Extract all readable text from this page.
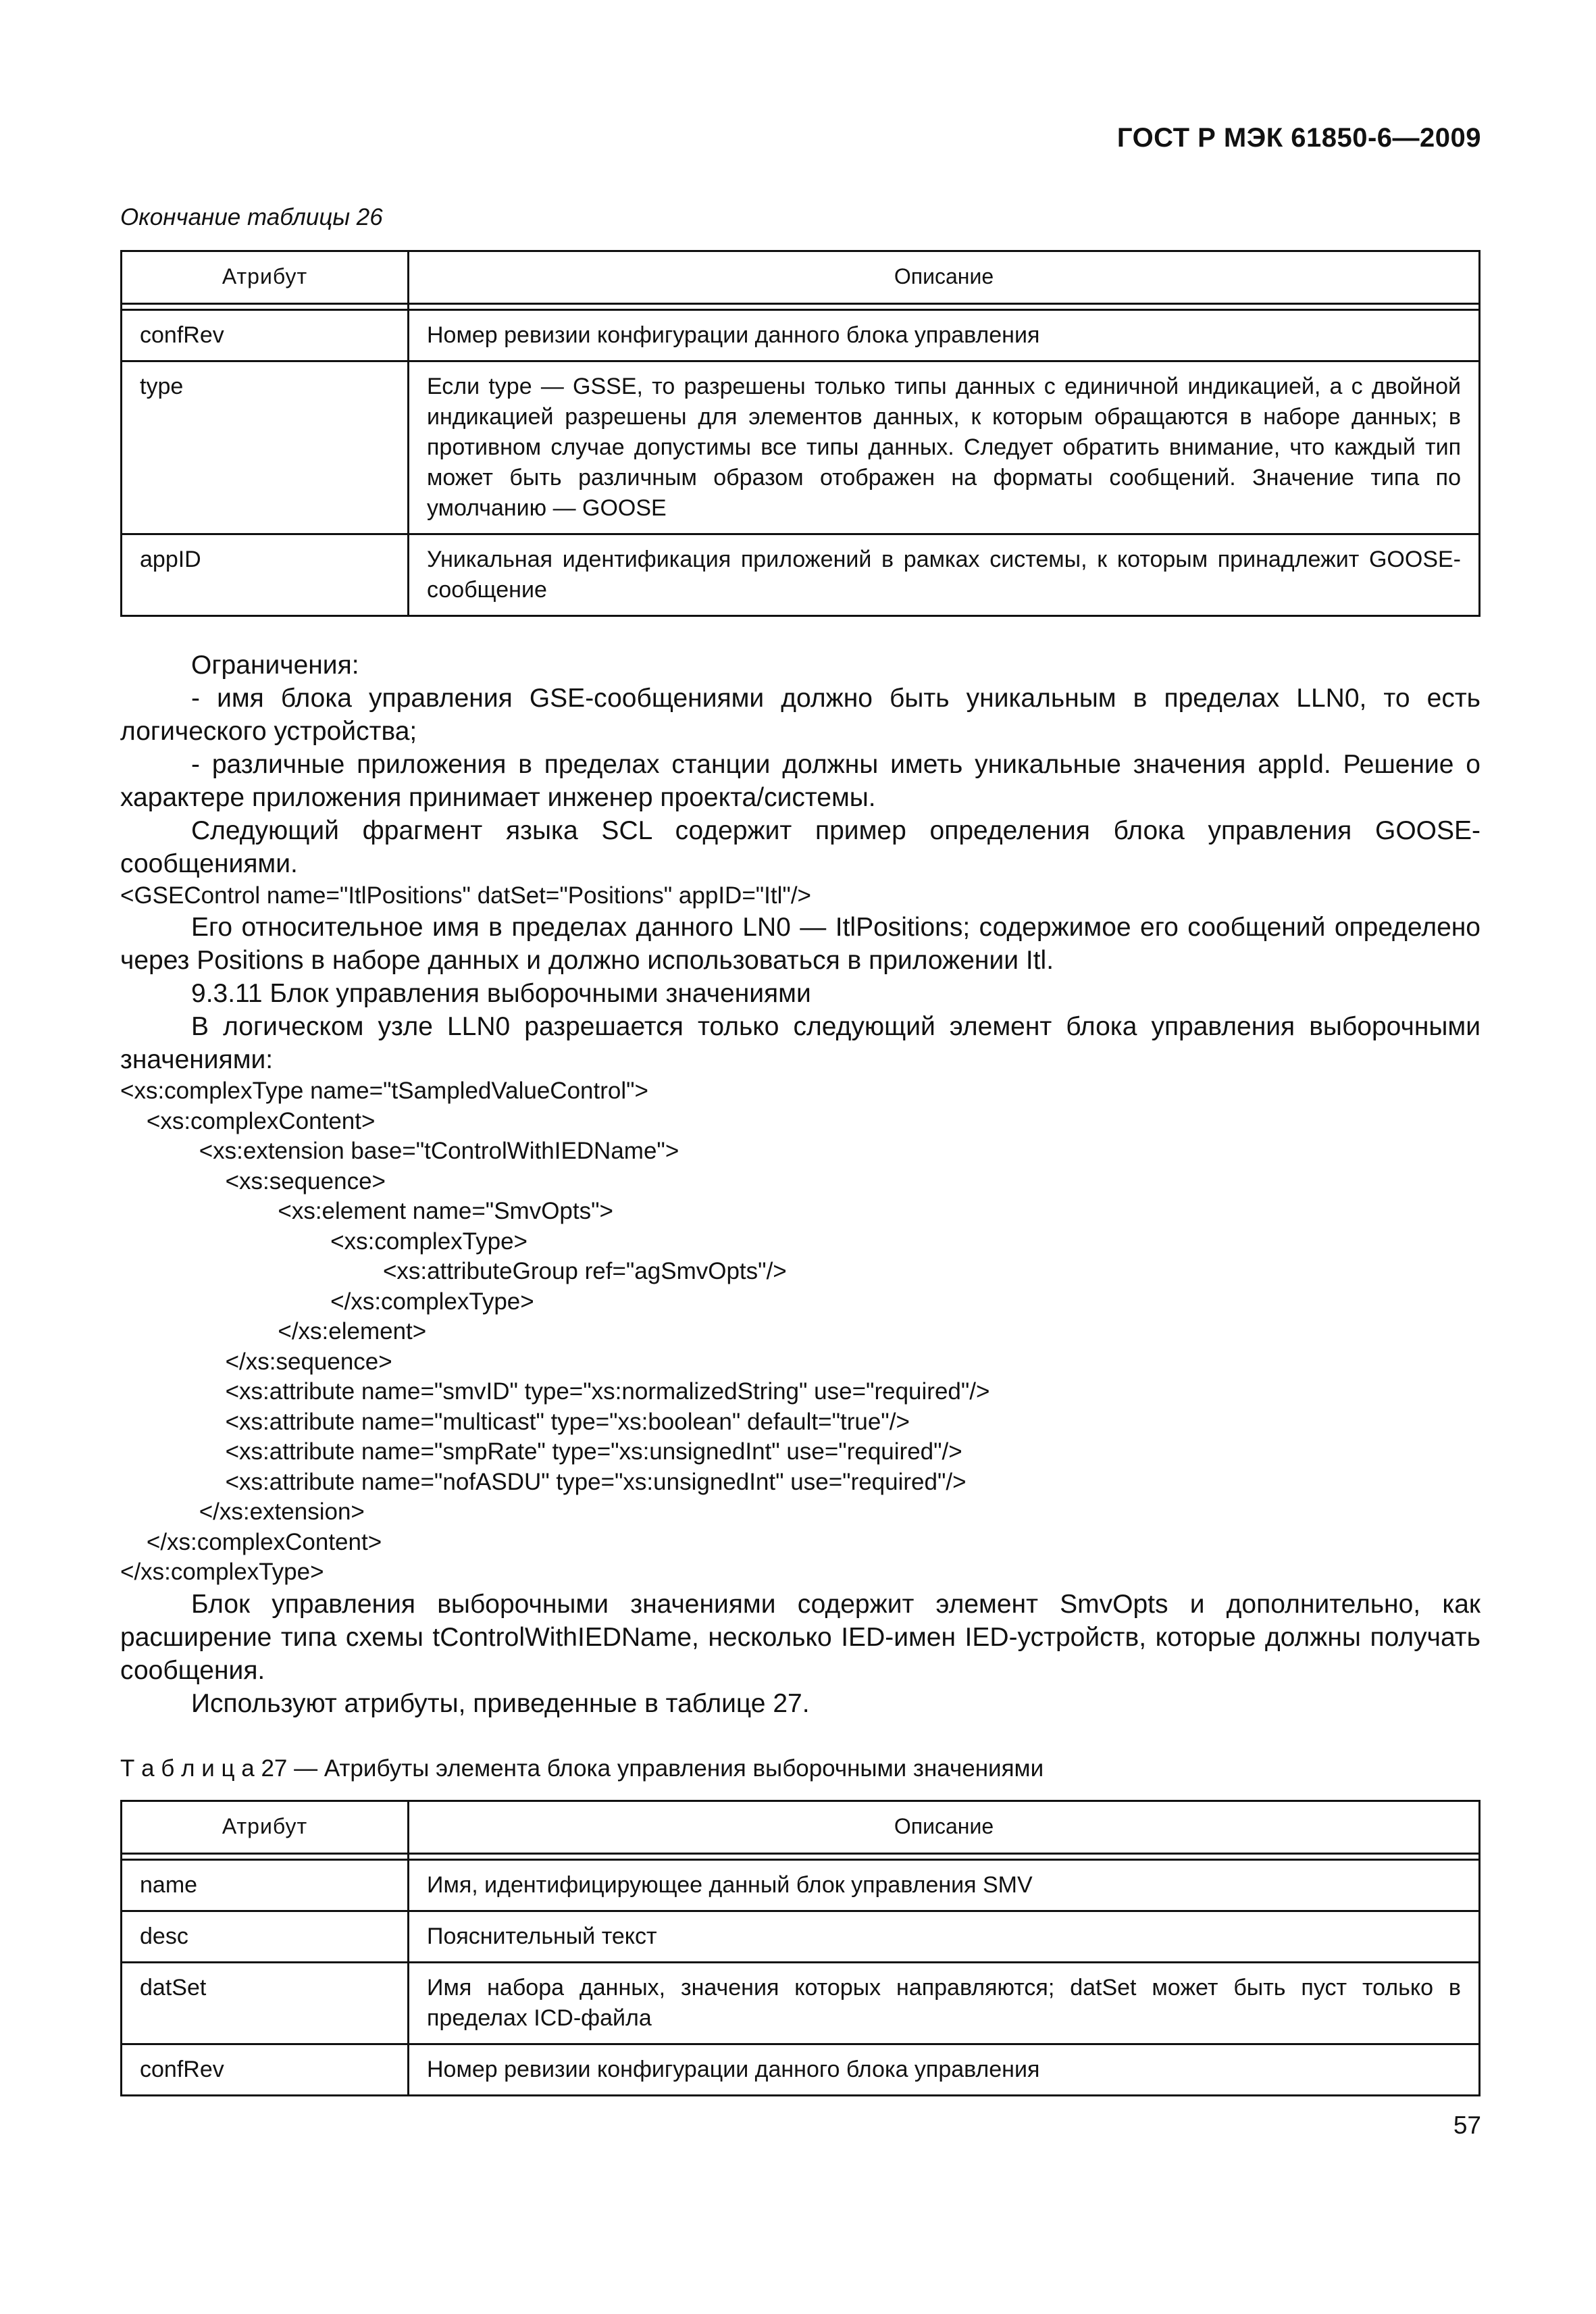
ГОСТ Р МЭК 61850-6—2009
Окончание таблицы 26
Атрибут	Описание

confRev	Номер ревизии конфигурации данного блока управления
type	Если type — GSSE, то разрешены только типы данных с единичной индикацией, а с двойной индикацией разрешены для элементов данных, к которым обращаются в наборе данных; в противном случае допустимы все типы данных. Следует обратить внимание, что каждый тип может быть различным образом отображен на форматы сообщений. Значение типа по умолчанию — GOOSE
appID	Уникальная идентификация приложений в рамках системы, к которым принадлежит GOOSE-сообщение

Ограничения:

- имя блока управления GSE-сообщениями должно быть уникальным в пределах LLN0, то есть логического устройства;

- различные приложения в пределах станции должны иметь уникальные значения appId. Решение о характере приложения принимает инженер проекта/системы.

Следующий фрагмент языка SCL содержит пример определения блока управления GOOSE-сообщениями.

<GSEControl name="ItlPositions" datSet="Positions" appID="Itl"/>

Его относительное имя в пределах данного LN0 — ItlPositions; содержимое его сообщений определено через Positions в наборе данных и должно использоваться в приложении Itl.

9.3.11 Блок управления выборочными значениями

В логическом узле LLN0 разрешается только следующий элемент блока управления выборочными значениями:

<xs:complexType name="tSampledValueControl">
<xs:complexContent>
<xs:extension base="tControlWithIEDName">
<xs:sequence>
<xs:element name="SmvOpts">
<xs:complexType>
<xs:attributeGroup ref="agSmvOpts"/>
</xs:complexType>
</xs:element>
</xs:sequence>
<xs:attribute name="smvID" type="xs:normalizedString" use="required"/>
<xs:attribute name="multicast" type="xs:boolean" default="true"/>
<xs:attribute name="smpRate" type="xs:unsignedInt" use="required"/>
<xs:attribute name="nofASDU" type="xs:unsignedInt" use="required"/>
</xs:extension>
</xs:complexContent>
</xs:complexType>

Блок управления выборочными значениями содержит элемент SmvOpts и дополнительно, как расширение типа схемы tControlWithIEDName, несколько IED-имен IED-устройств, которые должны получать сообщения.

Используют атрибуты, приведенные в таблице 27.

Т а б л и ц а 27 — Атрибуты элемента блока управления выборочными значениями
Атрибут	Описание

name	Имя, идентифицирующее данный блок управления SMV
desc	Пояснительный текст
datSet	Имя набора данных, значения которых направляются; datSet может быть пуст только в пределах ICD-файла
confRev	Номер ревизии конфигурации данного блока управления
57
